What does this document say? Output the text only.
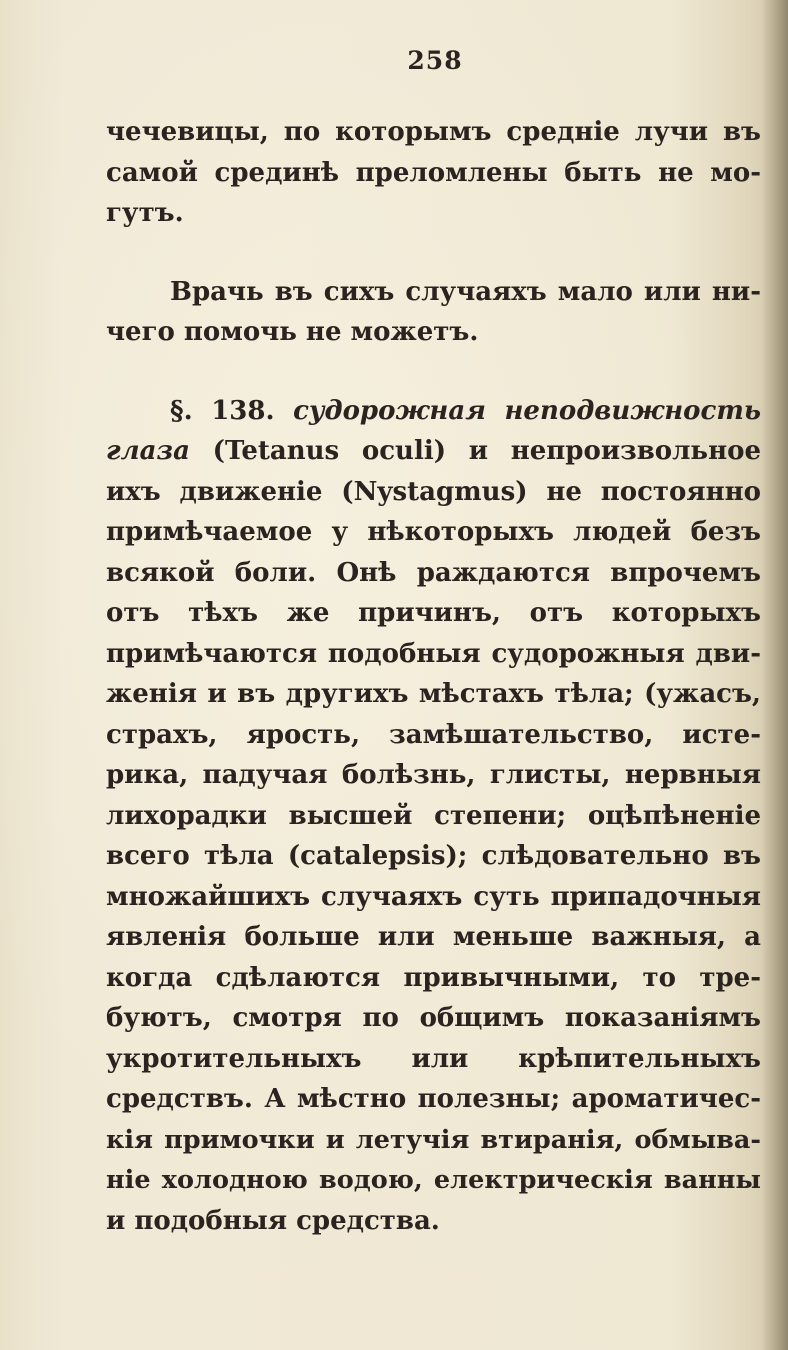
258

чечевицы, по которымъ средніе лучи въ
самой срединѣ преломлены быть не мо-
гутъ.

Врачь въ сихъ случаяхъ мало или ни-
чего помочь не можетъ.

§. 138. судорожная неподвижность
глаза (Tetanus oculi) и непроизвольное
ихъ движеніе (Nystagmus) не постоянно
примѣчаемое у нѣкоторыхъ людей безъ
всякой боли. Онѣ раждаются впрочемъ
отъ тѣхъ же причинъ, отъ которыхъ
примѣчаются подобныя судорожныя дви-
женія и въ другихъ мѣстахъ тѣла; (ужасъ,
страхъ, ярость, замѣшательство, исте-
рика, падучая болѣзнь, глисты, нервныя
лихорадки высшей степени; оцѣпѣненіе
всего тѣла (catalepsis); слѣдовательно въ
множайшихъ случаяхъ суть припадочныя
явленія больше или меньше важныя, а
когда сдѣлаются привычными, то тре-
буютъ, смотря по общимъ показаніямъ
укротительныхъ или крѣпительныхъ
средствъ. А мѣстно полезны; ароматичес-
кія примочки и летучія втиранія, обмыва-
ніе холодною водою, електрическія ванны
и подобныя средства.
